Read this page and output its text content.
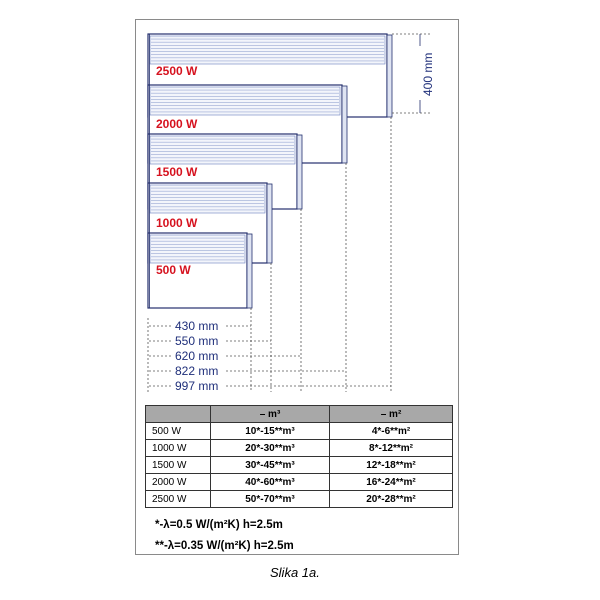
2500 W
2000 W
1500 W
1000 W
500 W
430 mm
550 mm
620 mm
822 mm
997 mm
400 mm
	– m³	– m²
500 W	10*-15**m³	4*-6**m²
1000 W	20*-30**m³	8*-12**m²
1500 W	30*-45**m³	12*-18**m²
2000 W	40*-60**m³	16*-24**m²
2500 W	50*-70**m³	20*-28**m²
*-λ=0.5 W/(m²K) h=2.5m
**-λ=0.35 W/(m²K) h=2.5m
Slika 1a.
